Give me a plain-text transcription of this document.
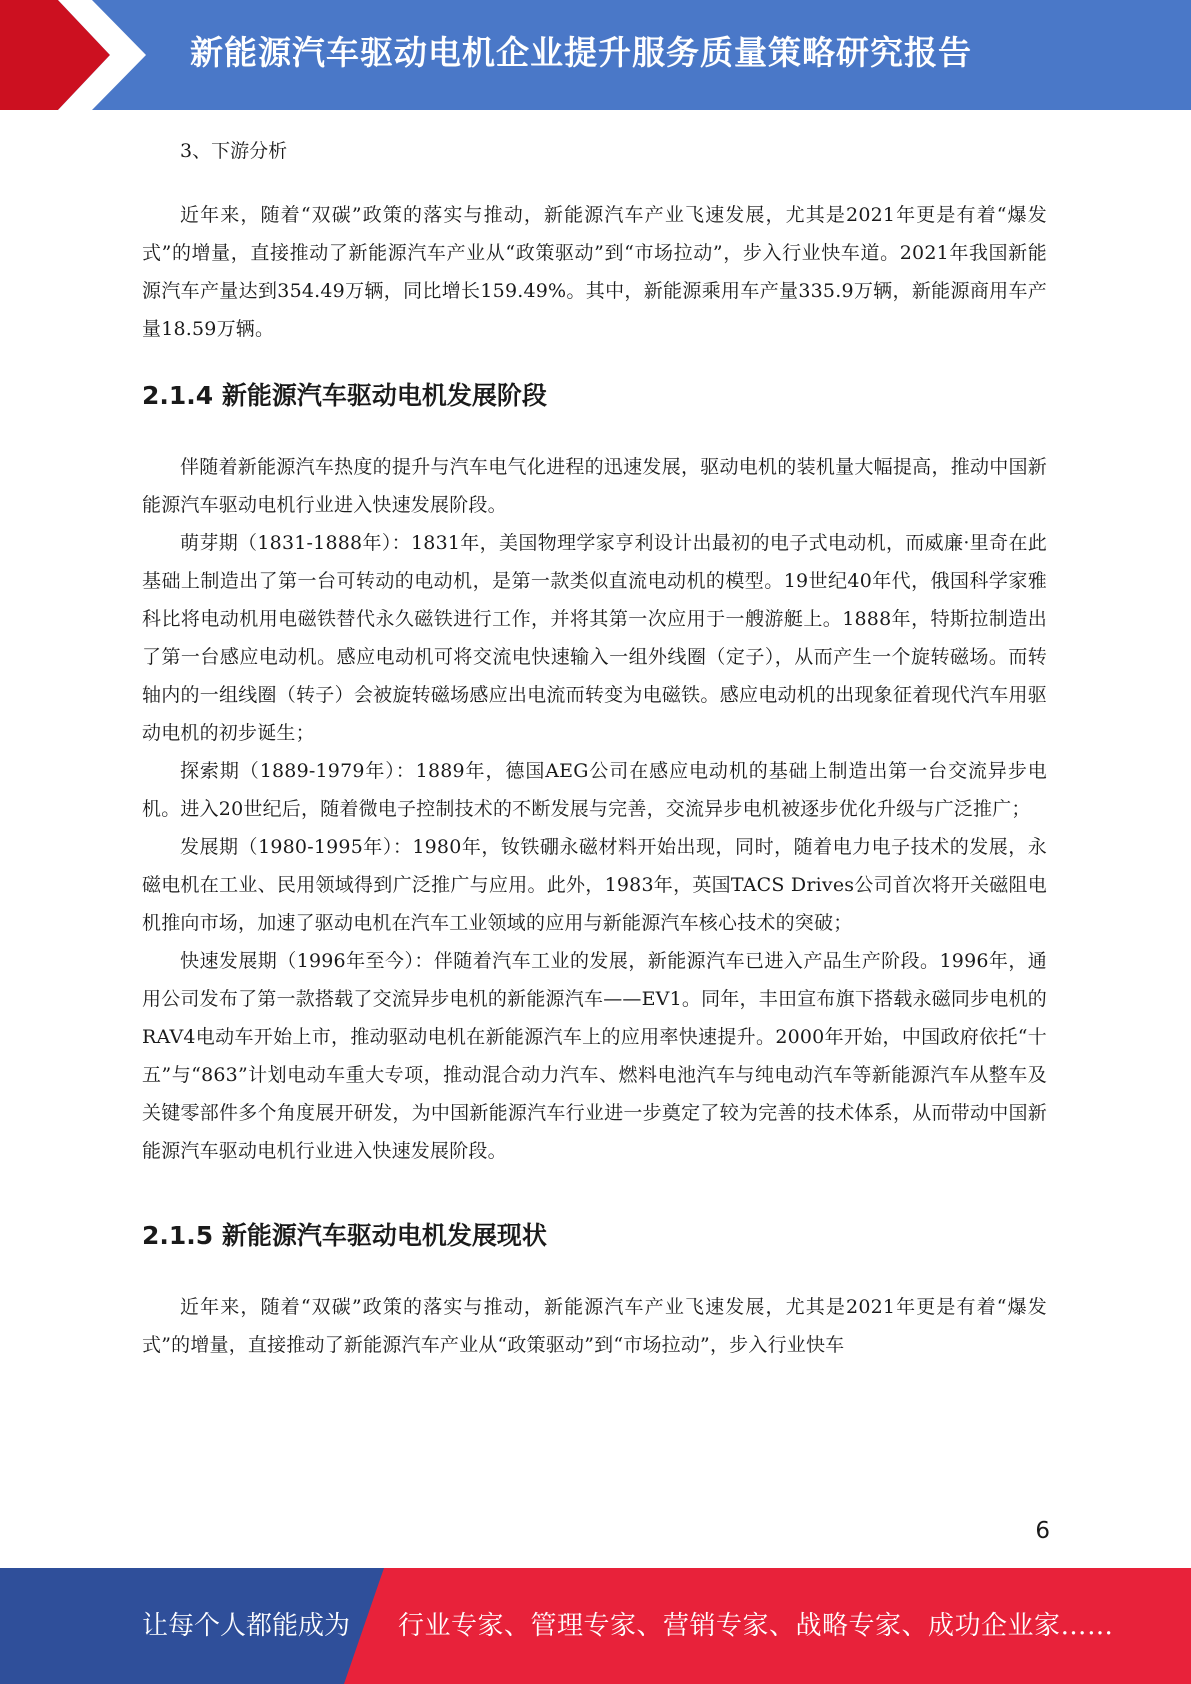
新能源汽车驱动电机企业提升服务质量策略研究报告

3、下游分析

近年来，随着“双碳”政策的落实与推动，新能源汽车产业飞速发展，尤其是2021年更是有着“爆发式”的增量，直接推动了新能源汽车产业从“政策驱动”到“市场拉动”，步入行业快车道。2021年我国新能源汽车产量达到354.49万辆，同比增长159.49%。其中，新能源乘用车产量335.9万辆，新能源商用车产量18.59万辆。

2.1.4 新能源汽车驱动电机发展阶段

伴随着新能源汽车热度的提升与汽车电气化进程的迅速发展，驱动电机的装机量大幅提高，推动中国新能源汽车驱动电机行业进入快速发展阶段。

萌芽期（1831-1888年）：1831年，美国物理学家亨利设计出最初的电子式电动机，而威廉·里奇在此基础上制造出了第一台可转动的电动机，是第一款类似直流电动机的模型。19世纪40年代，俄国科学家雅科比将电动机用电磁铁替代永久磁铁进行工作，并将其第一次应用于一艘游艇上。1888年，特斯拉制造出了第一台感应电动机。感应电动机可将交流电快速输入一组外线圈（定子），从而产生一个旋转磁场。而转轴内的一组线圈（转子）会被旋转磁场感应出电流而转变为电磁铁。感应电动机的出现象征着现代汽车用驱动电机的初步诞生；

探索期（1889-1979年）：1889年，德国AEG公司在感应电动机的基础上制造出第一台交流异步电机。进入20世纪后，随着微电子控制技术的不断发展与完善，交流异步电机被逐步优化升级与广泛推广；

发展期（1980-1995年）：1980年，钕铁硼永磁材料开始出现，同时，随着电力电子技术的发展，永磁电机在工业、民用领域得到广泛推广与应用。此外，1983年，英国TACS Drives公司首次将开关磁阻电机推向市场，加速了驱动电机在汽车工业领域的应用与新能源汽车核心技术的突破；

快速发展期（1996年至今）：伴随着汽车工业的发展，新能源汽车已进入产品生产阶段。1996年，通用公司发布了第一款搭载了交流异步电机的新能源汽车——EV1。同年，丰田宣布旗下搭载永磁同步电机的RAV4电动车开始上市，推动驱动电机在新能源汽车上的应用率快速提升。2000年开始，中国政府依托“十五”与“863”计划电动车重大专项，推动混合动力汽车、燃料电池汽车与纯电动汽车等新能源汽车从整车及关键零部件多个角度展开研发，为中国新能源汽车行业进一步奠定了较为完善的技术体系，从而带动中国新能源汽车驱动电机行业进入快速发展阶段。

2.1.5 新能源汽车驱动电机发展现状

近年来，随着“双碳”政策的落实与推动，新能源汽车产业飞速发展，尤其是2021年更是有着“爆发式”的增量，直接推动了新能源汽车产业从“政策驱动”到“市场拉动”，步入行业快车

6
让每个人都能成为 行业专家、管理专家、营销专家、战略专家、成功企业家……
